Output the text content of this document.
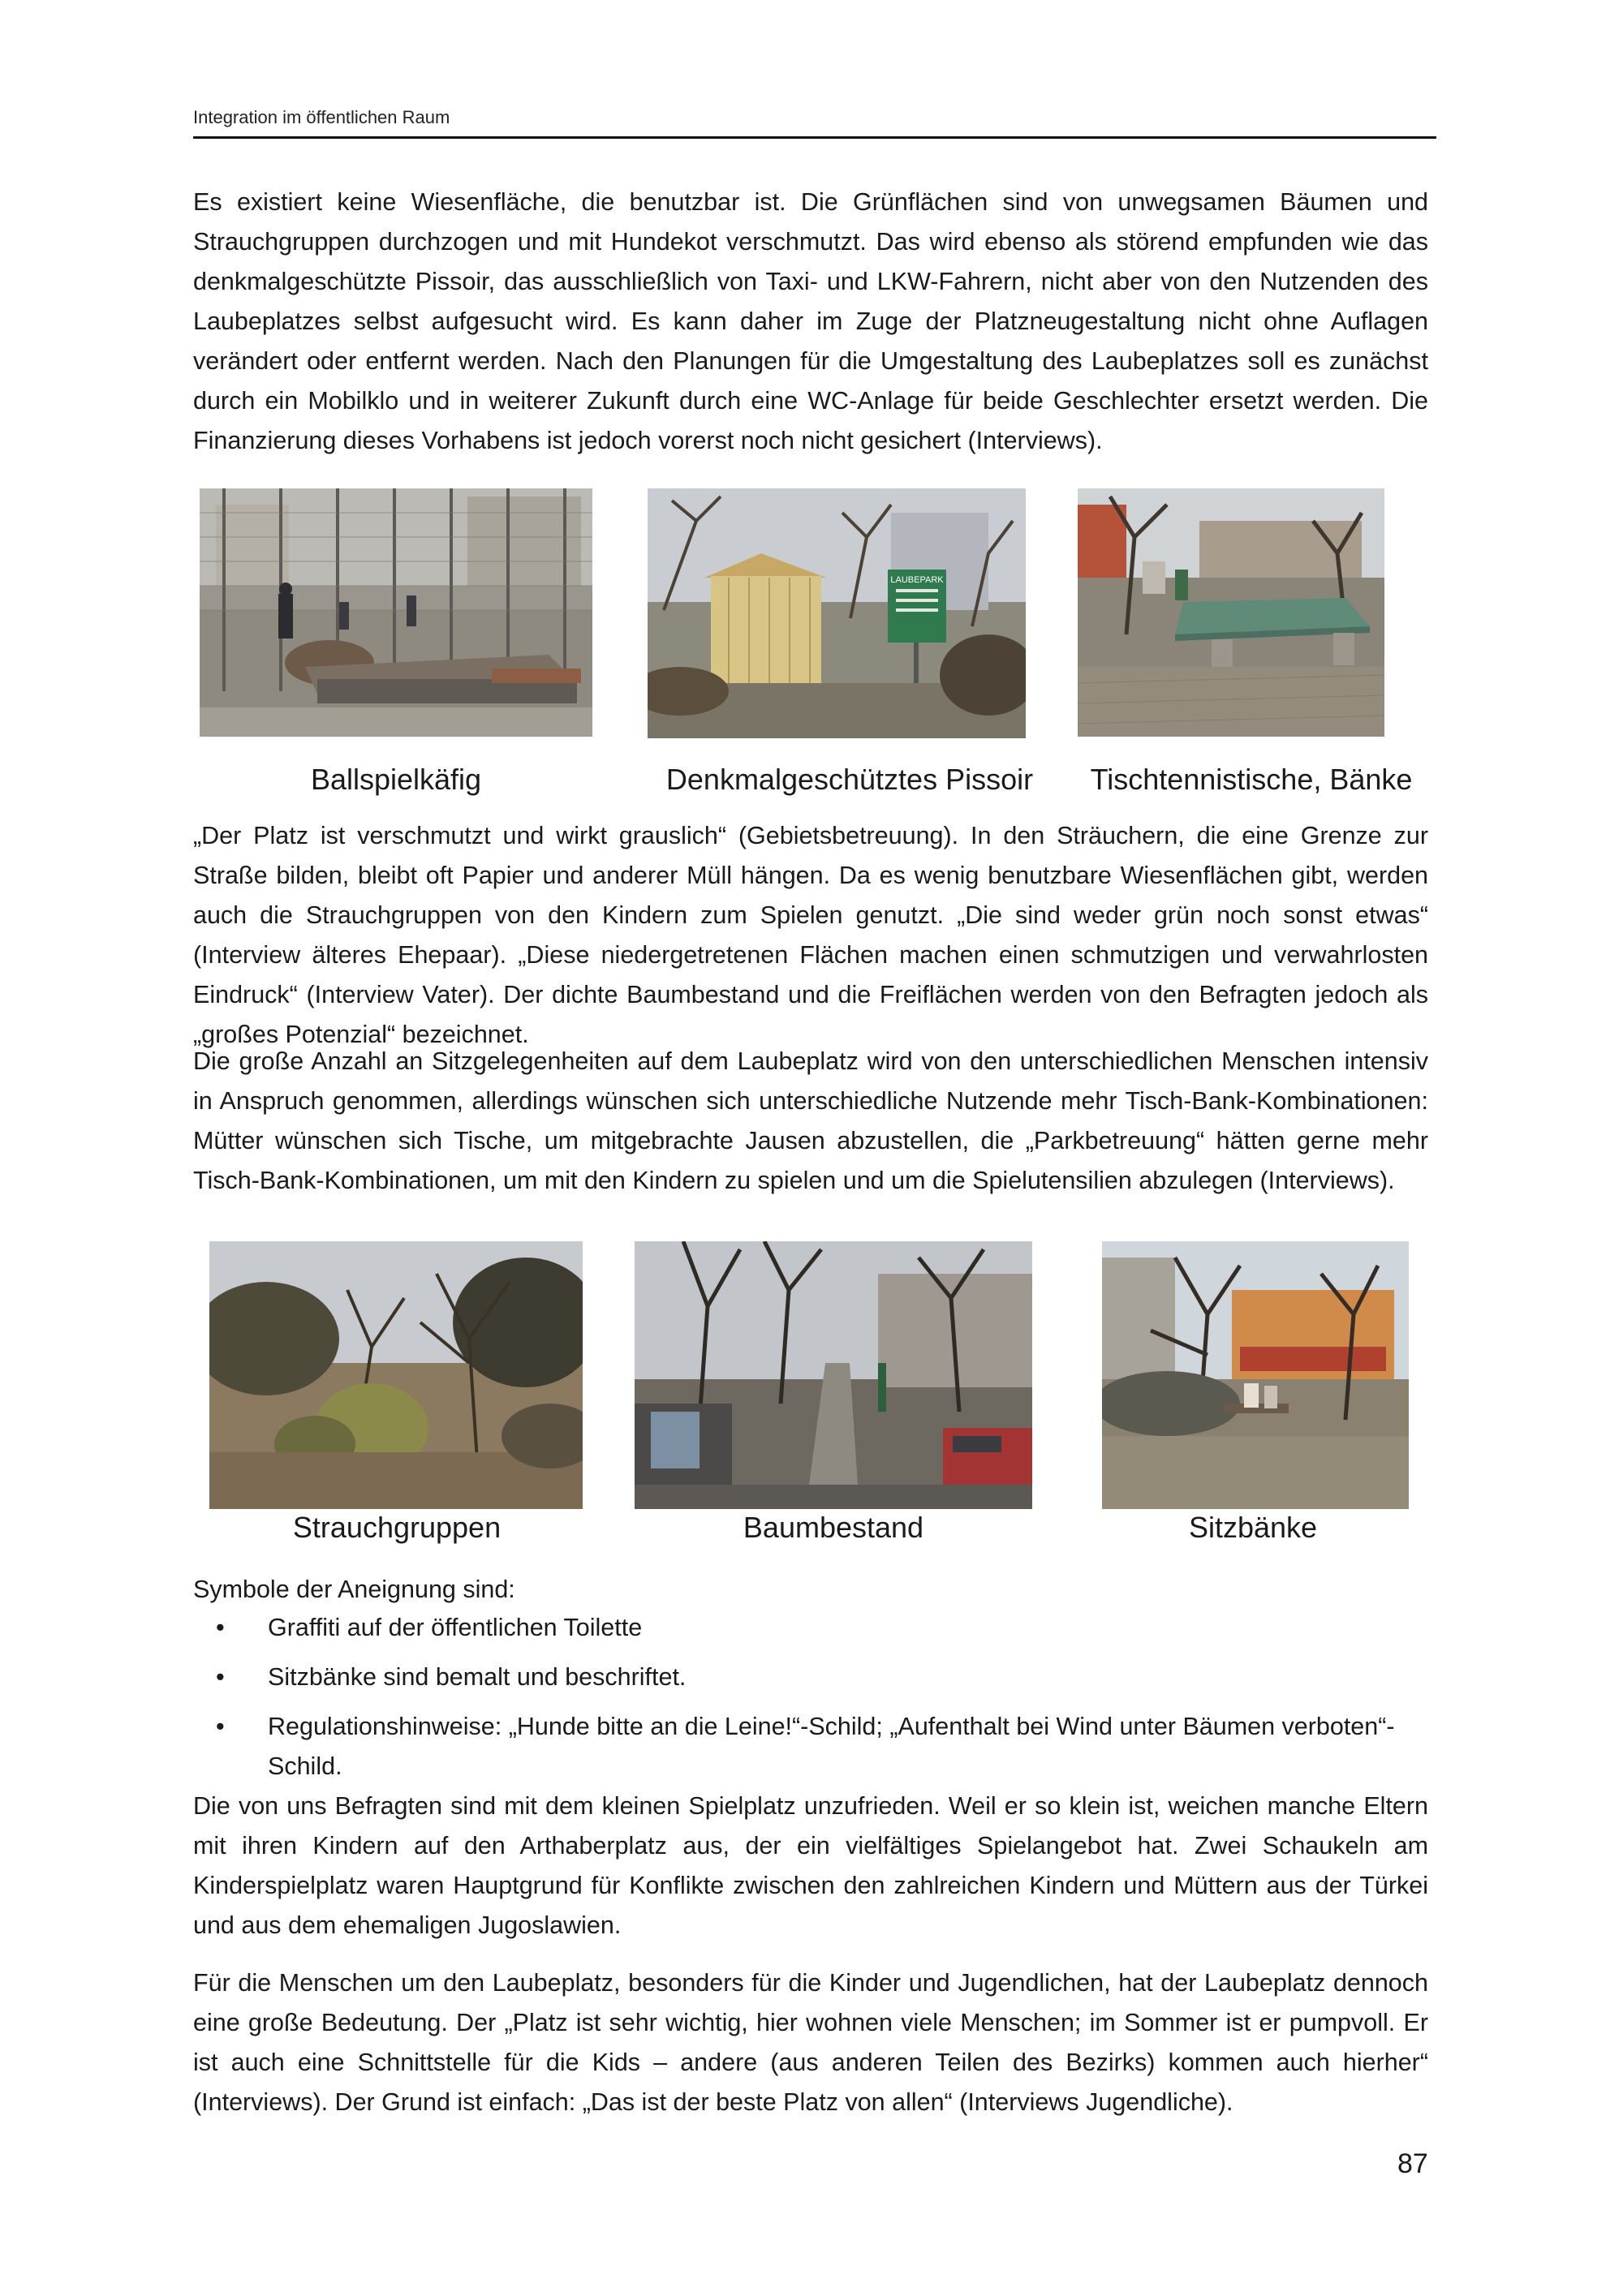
Integration im öffentlichen Raum

Es existiert keine Wiesenfläche, die benutzbar ist. Die Grünflächen sind von unwegsamen Bäumen und Strauchgruppen durchzogen und mit Hundekot verschmutzt. Das wird ebenso als störend empfunden wie das denkmalgeschützte Pissoir, das ausschließlich von Taxi- und LKW-Fahrern, nicht aber von den Nutzenden des Laubeplatzes selbst aufgesucht wird. Es kann daher im Zuge der Platzneugestaltung nicht ohne Auflagen verändert oder entfernt werden. Nach den Planungen für die Umgestaltung des Laubeplatzes soll es zunächst durch ein Mobilklo und in weiterer Zukunft durch eine WC-Anlage für beide Geschlechter ersetzt werden. Die Finanzierung dieses Vorhabens ist jedoch vorerst noch nicht gesichert (Interviews).

LAUBEPARK
Ballspielkäfig	Denkmalgeschütztes Pissoir Tischtennistische, Bänke

„Der Platz ist verschmutzt und wirkt grauslich“ (Gebietsbetreuung). In den Sträuchern, die eine Grenze zur Straße bilden, bleibt oft Papier und anderer Müll hängen. Da es wenig benutzbare Wiesenflächen gibt, werden auch die Strauchgruppen von den Kindern zum Spielen genutzt. „Die sind weder grün noch sonst etwas“ (Interview älteres Ehepaar). „Diese niedergetretenen Flächen machen einen schmutzigen und verwahrlosten Eindruck“ (Interview Vater). Der dichte Baumbestand und die Freiflächen werden von den Befragten jedoch als „großes Potenzial“ bezeichnet.

Die große Anzahl an Sitzgelegenheiten auf dem Laubeplatz wird von den unterschiedlichen Menschen intensiv in Anspruch genommen, allerdings wünschen sich unterschiedliche Nutzende mehr Tisch-Bank-Kombinationen: Mütter wünschen sich Tische, um mitgebrachte Jausen abzustellen, die „Parkbetreuung“ hätten gerne mehr Tisch-Bank-Kombinationen, um mit den Kindern zu spielen und um die Spielutensilien abzulegen (Interviews).

Strauchgruppen	Baumbestand	Sitzbänke

Symbole der Aneignung sind:

• Graffiti auf der öffentlichen Toilette
• Sitzbänke sind bemalt und beschriftet.
• Regulationshinweise: „Hunde bitte an die Leine!“-Schild; „Aufenthalt bei Wind unter Bäumen verboten“-Schild.

Die von uns Befragten sind mit dem kleinen Spielplatz unzufrieden. Weil er so klein ist, weichen manche Eltern mit ihren Kindern auf den Arthaberplatz aus, der ein vielfältiges Spielangebot hat. Zwei Schaukeln am Kinderspielplatz waren Hauptgrund für Konflikte zwischen den zahlreichen Kindern und Müttern aus der Türkei und aus dem ehemaligen Jugoslawien.

Für die Menschen um den Laubeplatz, besonders für die Kinder und Jugendlichen, hat der Laubeplatz dennoch eine große Bedeutung. Der „Platz ist sehr wichtig, hier wohnen viele Menschen; im Sommer ist er pumpvoll. Er ist auch eine Schnittstelle für die Kids – andere (aus anderen Teilen des Bezirks) kommen auch hierher“ (Interviews). Der Grund ist einfach: „Das ist der beste Platz von allen“ (Interviews Jugendliche).

87
